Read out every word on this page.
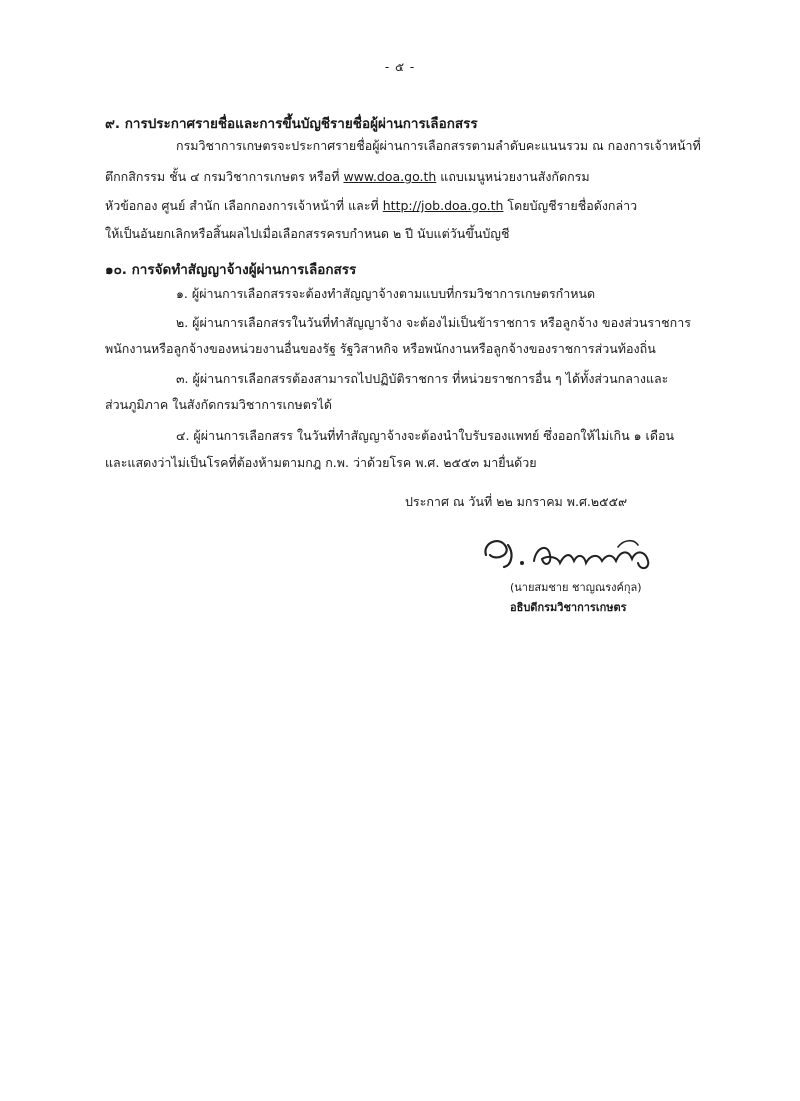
- ๕ -
๙. การประกาศรายชื่อและการขึ้นบัญชีรายชื่อผู้ผ่านการเลือกสรร
กรมวิชาการเกษตรจะประกาศรายชื่อผู้ผ่านการเลือกสรรตามลำดับคะแนนรวม ณ กองการเจ้าหน้าที่
ตึกกสิกรรม ชั้น ๔ กรมวิชาการเกษตร หรือที่ www.doa.go.th แถบเมนูหน่วยงานสังกัดกรม
หัวข้อกอง ศูนย์ สำนัก เลือกกองการเจ้าหน้าที่ และที่ http://job.doa.go.th โดยบัญชีรายชื่อดังกล่าว
ให้เป็นอันยกเลิกหรือสิ้นผลไปเมื่อเลือกสรรครบกำหนด ๒ ปี นับแต่วันขึ้นบัญชี
๑๐. การจัดทำสัญญาจ้างผู้ผ่านการเลือกสรร
๑. ผู้ผ่านการเลือกสรรจะต้องทำสัญญาจ้างตามแบบที่กรมวิชาการเกษตรกำหนด
๒. ผู้ผ่านการเลือกสรรในวันที่ทำสัญญาจ้าง จะต้องไม่เป็นข้าราชการ หรือลูกจ้าง ของส่วนราชการ
พนักงานหรือลูกจ้างของหน่วยงานอื่นของรัฐ รัฐวิสาหกิจ หรือพนักงานหรือลูกจ้างของราชการส่วนท้องถิ่น
๓. ผู้ผ่านการเลือกสรรต้องสามารถไปปฏิบัติราชการ ที่หน่วยราชการอื่น ๆ ได้ทั้งส่วนกลางและ
ส่วนภูมิภาค ในสังกัดกรมวิชาการเกษตรได้
๔. ผู้ผ่านการเลือกสรร ในวันที่ทำสัญญาจ้างจะต้องนำใบรับรองแพทย์ ซึ่งออกให้ไม่เกิน ๑ เดือน
และแสดงว่าไม่เป็นโรคที่ต้องห้ามตามกฎ ก.พ. ว่าด้วยโรค พ.ศ. ๒๕๕๓ มายื่นด้วย
ประกาศ ณ วันที่ ๒๒ มกราคม พ.ศ.๒๕๕๙
(นายสมชาย ชาญณรงค์กุล)
อธิบดีกรมวิชาการเกษตร
